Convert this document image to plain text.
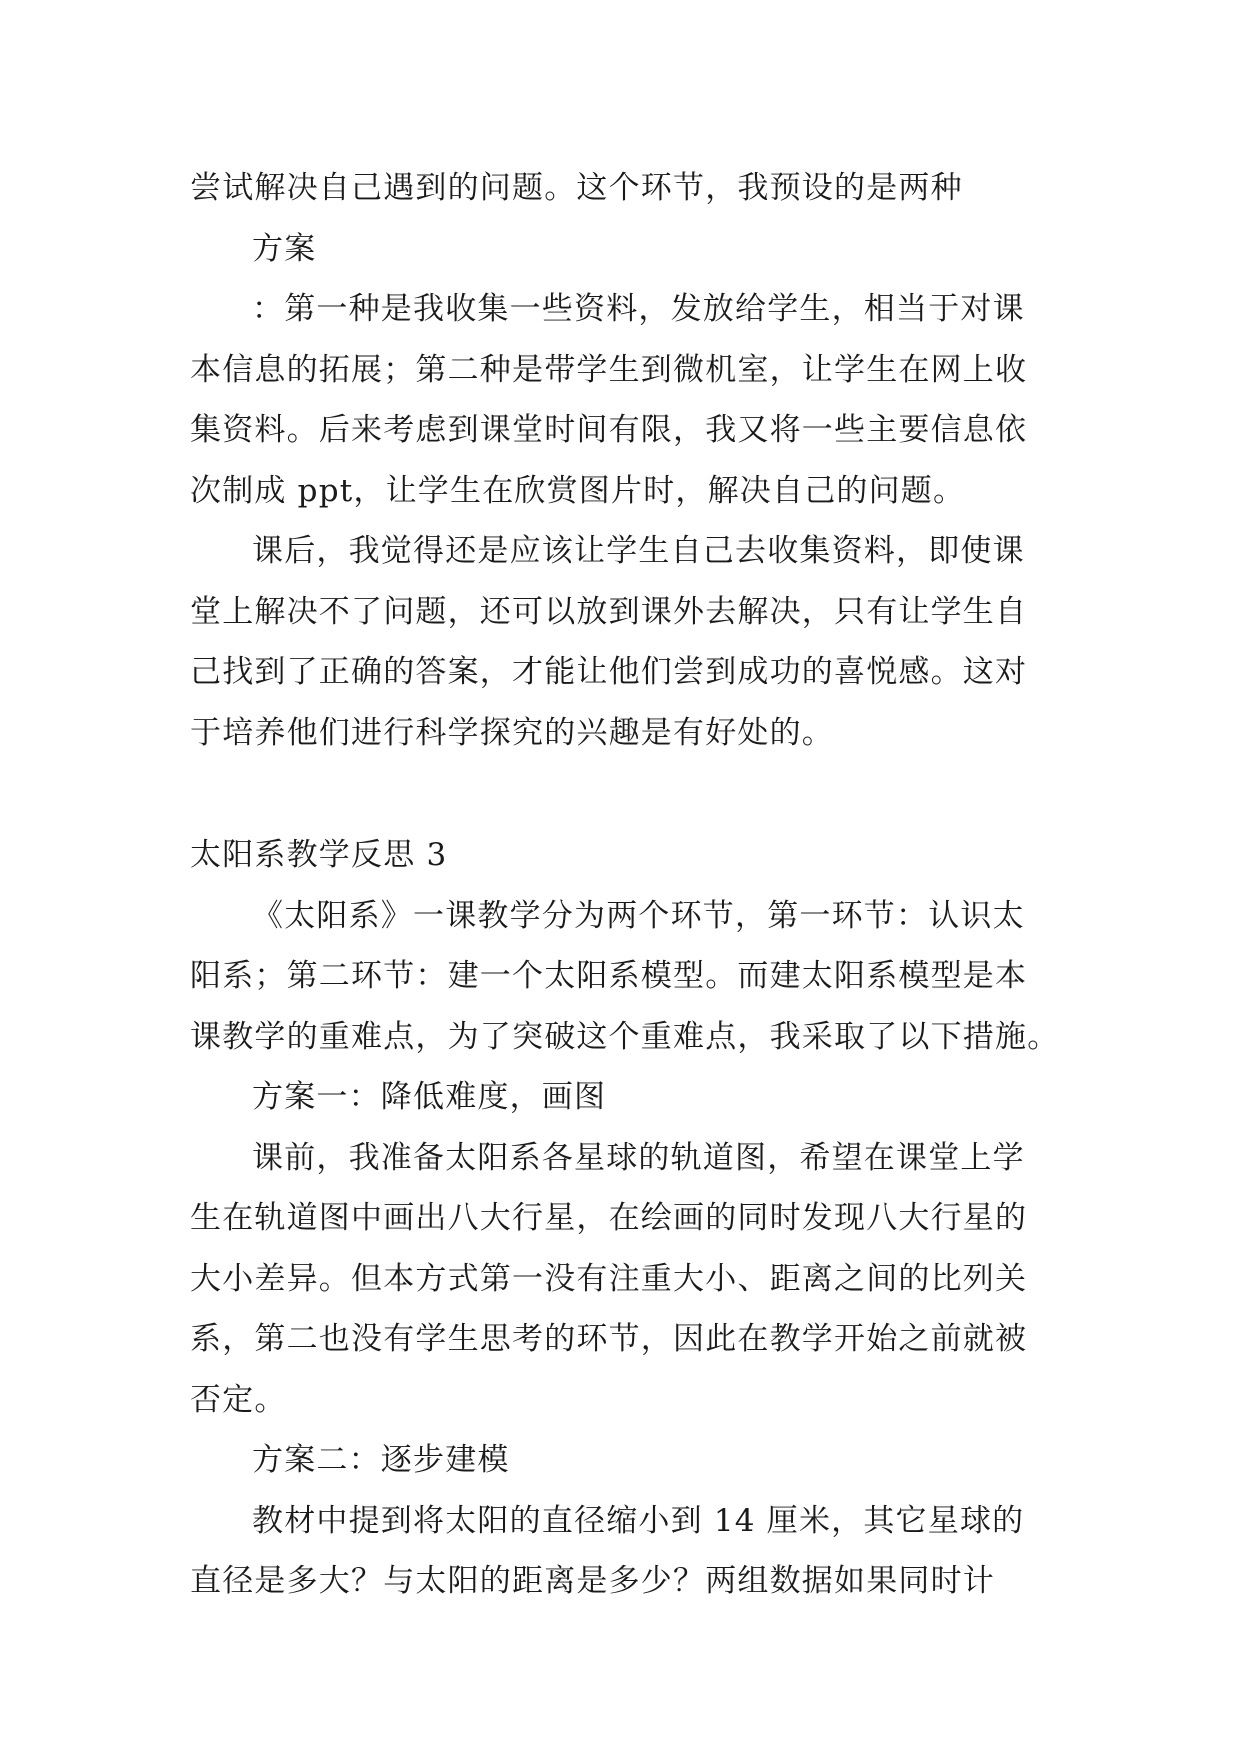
尝试解决自己遇到的问题。这个环节，我预设的是两种
方案
：第一种是我收集一些资料，发放给学生，相当于对课
本信息的拓展；第二种是带学生到微机室，让学生在网上收
集资料。后来考虑到课堂时间有限，我又将一些主要信息依
次制成 ppt，让学生在欣赏图片时，解决自己的问题。
课后，我觉得还是应该让学生自己去收集资料，即使课
堂上解决不了问题，还可以放到课外去解决，只有让学生自
己找到了正确的答案，才能让他们尝到成功的喜悦感。这对
于培养他们进行科学探究的兴趣是有好处的。
太阳系教学反思 3
《太阳系》一课教学分为两个环节，第一环节：认识太
阳系；第二环节：建一个太阳系模型。而建太阳系模型是本
课教学的重难点，为了突破这个重难点，我采取了以下措施。
方案一：降低难度，画图
课前，我准备太阳系各星球的轨道图，希望在课堂上学
生在轨道图中画出八大行星，在绘画的同时发现八大行星的
大小差异。但本方式第一没有注重大小、距离之间的比列关
系，第二也没有学生思考的环节，因此在教学开始之前就被
否定。
方案二：逐步建模
教材中提到将太阳的直径缩小到 14 厘米，其它星球的
直径是多大？与太阳的距离是多少？两组数据如果同时计
